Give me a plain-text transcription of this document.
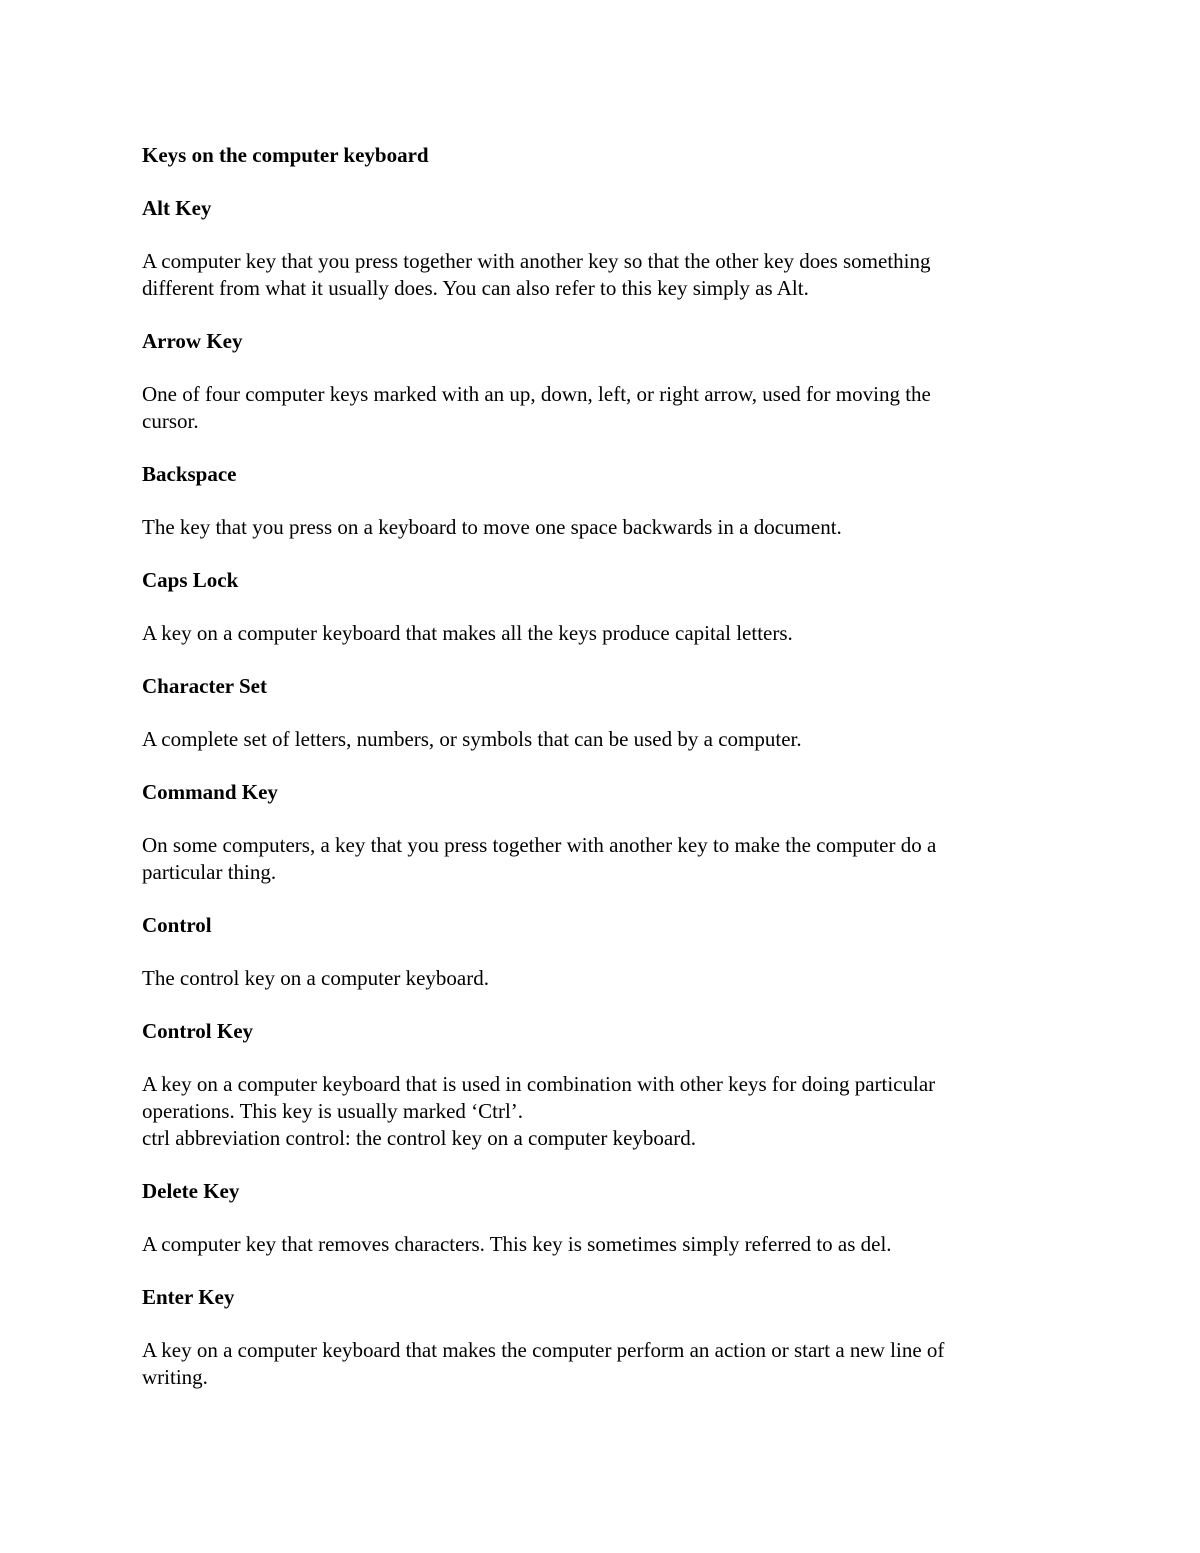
Keys on the computer keyboard
Alt Key
A computer key that you press together with another key so that the other key does something
different from what it usually does. You can also refer to this key simply as Alt.
Arrow Key
One of four computer keys marked with an up, down, left, or right arrow, used for moving the
cursor.
Backspace
The key that you press on a keyboard to move one space backwards in a document.
Caps Lock
A key on a computer keyboard that makes all the keys produce capital letters.
Character Set
A complete set of letters, numbers, or symbols that can be used by a computer.
Command Key
On some computers, a key that you press together with another key to make the computer do a
particular thing.
Control
The control key on a computer keyboard.
Control Key
A key on a computer keyboard that is used in combination with other keys for doing particular
operations. This key is usually marked ‘Ctrl’.
ctrl abbreviation control: the control key on a computer keyboard.
Delete Key
A computer key that removes characters. This key is sometimes simply referred to as del.
Enter Key
A key on a computer keyboard that makes the computer perform an action or start a new line of
writing.
